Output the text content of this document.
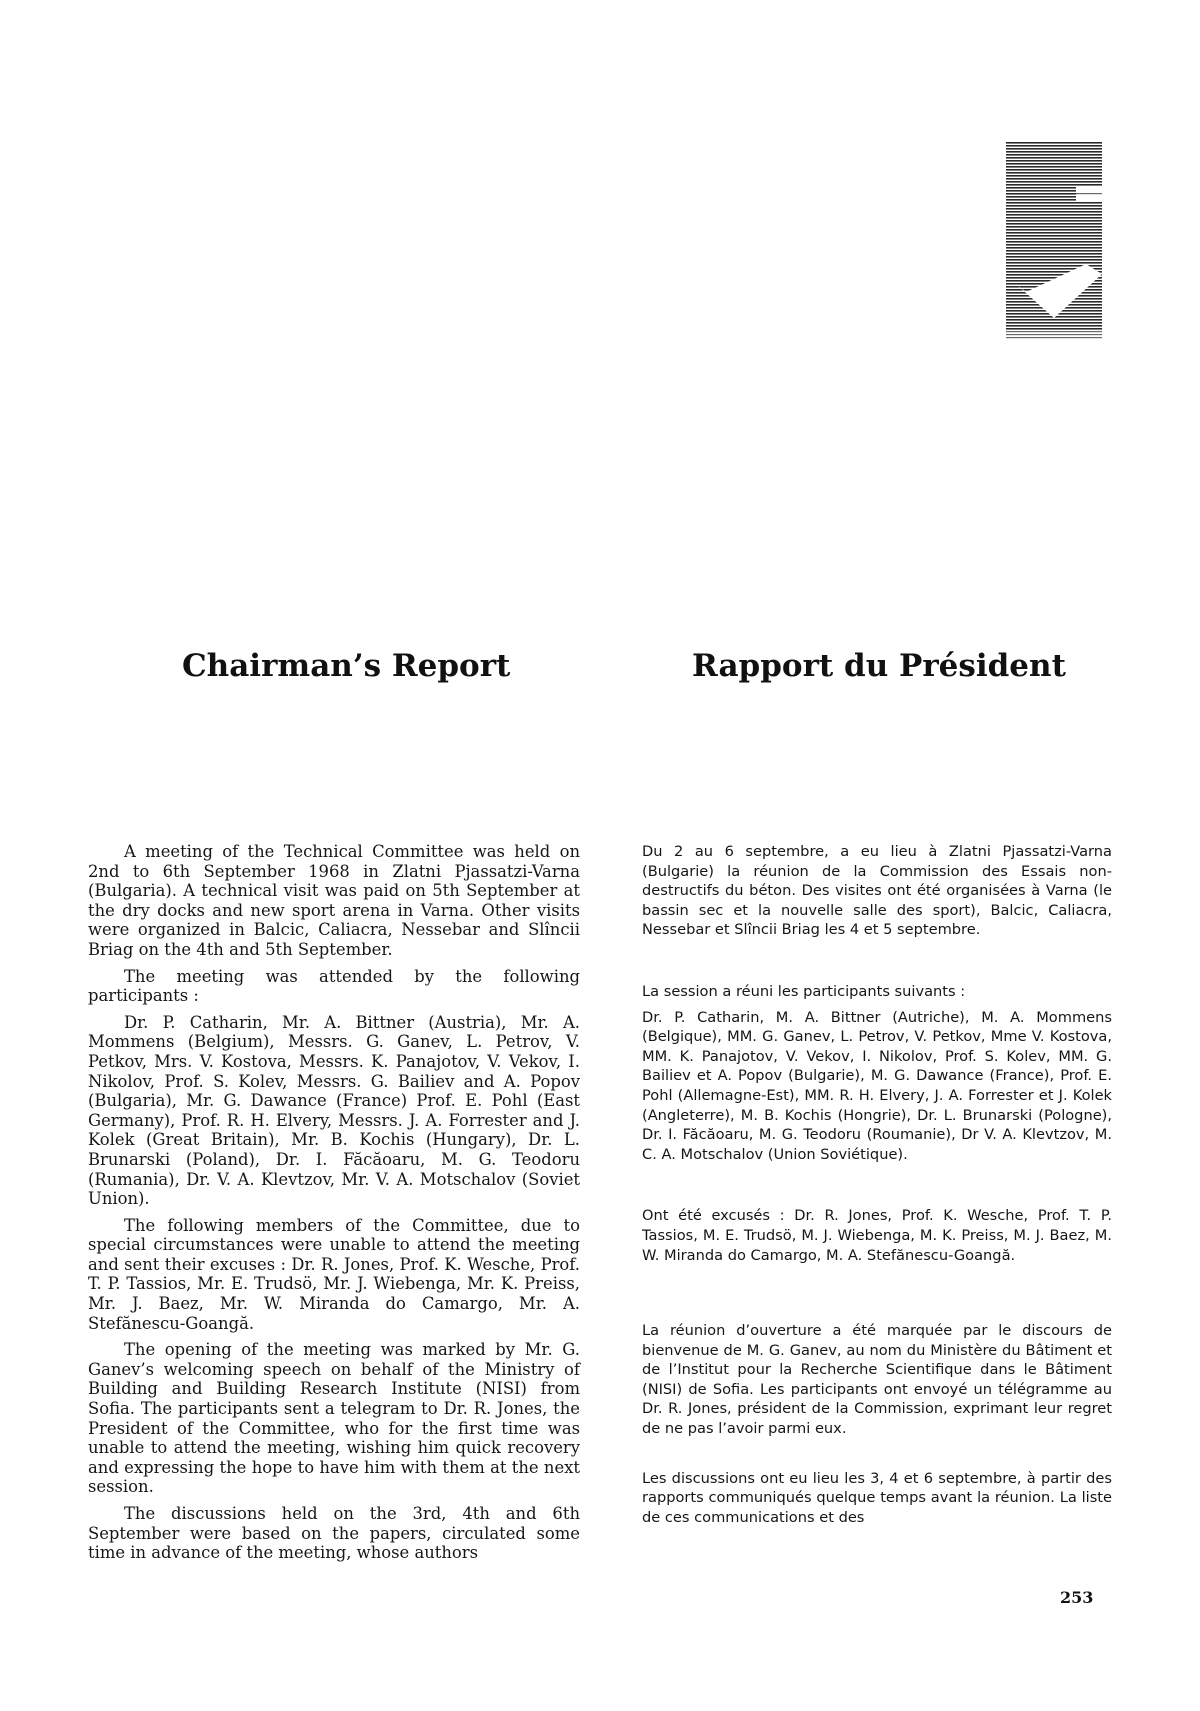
Chairman’s Report	Rapport du Président

A meeting of the Technical Committee was held on 2nd to 6th September 1968 in Zlatni Pjassatzi-Varna (Bulgaria). A technical visit was paid on 5th September at the dry docks and new sport arena in Varna. Other visits were organized in Balcic, Caliacra, Nessebar and Slîncii Briag on the 4th and 5th September.

The meeting was attended by the following participants :

Dr. P. Catharin, Mr. A. Bittner (Austria), Mr. A. Mommens (Belgium), Messrs. G. Ganev, L. Petrov, V. Petkov, Mrs. V. Kostova, Messrs. K. Panajotov, V. Vekov, I. Nikolov, Prof. S. Kolev, Messrs. G. Bailiev and A. Popov (Bulgaria), Mr. G. Dawance (France) Prof. E. Pohl (East Germany), Prof. R. H. Elvery, Messrs. J. A. Forrester and J. Kolek (Great Britain), Mr. B. Kochis (Hungary), Dr. L. Brunarski (Poland), Dr. I. Făcăoaru, M. G. Teodoru (Rumania), Dr. V. A. Klevtzov, Mr. V. A. Motschalov (Soviet Union).

The following members of the Committee, due to special circumstances were unable to attend the meeting and sent their excuses : Dr. R. Jones, Prof. K. Wesche, Prof. T. P. Tassios, Mr. E. Trudsö, Mr. J. Wiebenga, Mr. K. Preiss, Mr. J. Baez, Mr. W. Miranda do Camargo, Mr. A. Stefănescu-Goangă.

The opening of the meeting was marked by Mr. G. Ganev’s welcoming speech on behalf of the Ministry of Building and Building Research Institute (NISI) from Sofia. The participants sent a telegram to Dr. R. Jones, the President of the Committee, who for the first time was unable to attend the meeting, wishing him quick recovery and expressing the hope to have him with them at the next session.

The discussions held on the 3rd, 4th and 6th September were based on the papers, circulated some time in advance of the meeting, whose authors

Du 2 au 6 septembre, a eu lieu à Zlatni Pjassatzi-Varna (Bulgarie) la réunion de la Commission des Essais non-destructifs du béton. Des visites ont été organisées à Varna (le bassin sec et la nouvelle salle des sport), Balcic, Caliacra, Nessebar et Slîncii Briag les 4 et 5 septembre.

La session a réuni les participants suivants :

Dr. P. Catharin, M. A. Bittner (Autriche), M. A. Mommens (Belgique), MM. G. Ganev, L. Petrov, V. Petkov, Mme V. Kostova, MM. K. Panajotov, V. Vekov, I. Nikolov, Prof. S. Kolev, MM. G. Bailiev et A. Popov (Bulgarie), M. G. Dawance (France), Prof. E. Pohl (Allemagne-Est), MM. R. H. Elvery, J. A. Forrester et J. Kolek (Angleterre), M. B. Kochis (Hongrie), Dr. L. Brunarski (Pologne), Dr. I. Făcăoaru, M. G. Teodoru (Roumanie), Dr V. A. Klevtzov, M. C. A. Motschalov (Union Soviétique).

Ont été excusés : Dr. R. Jones, Prof. K. Wesche, Prof. T. P. Tassios, M. E. Trudsö, M. J. Wiebenga, M. K. Preiss, M. J. Baez, M. W. Miranda do Camargo, M. A. Stefănescu-Goangă.

La réunion d’ouverture a été marquée par le discours de bienvenue de M. G. Ganev, au nom du Ministère du Bâtiment et de l’Institut pour la Recherche Scientifique dans le Bâtiment (NISI) de Sofia. Les participants ont envoyé un télégramme au Dr. R. Jones, président de la Commission, exprimant leur regret de ne pas l’avoir parmi eux.

Les discussions ont eu lieu les 3, 4 et 6 septembre, à partir des rapports communiqués quelque temps avant la réunion. La liste de ces communications et des

253
